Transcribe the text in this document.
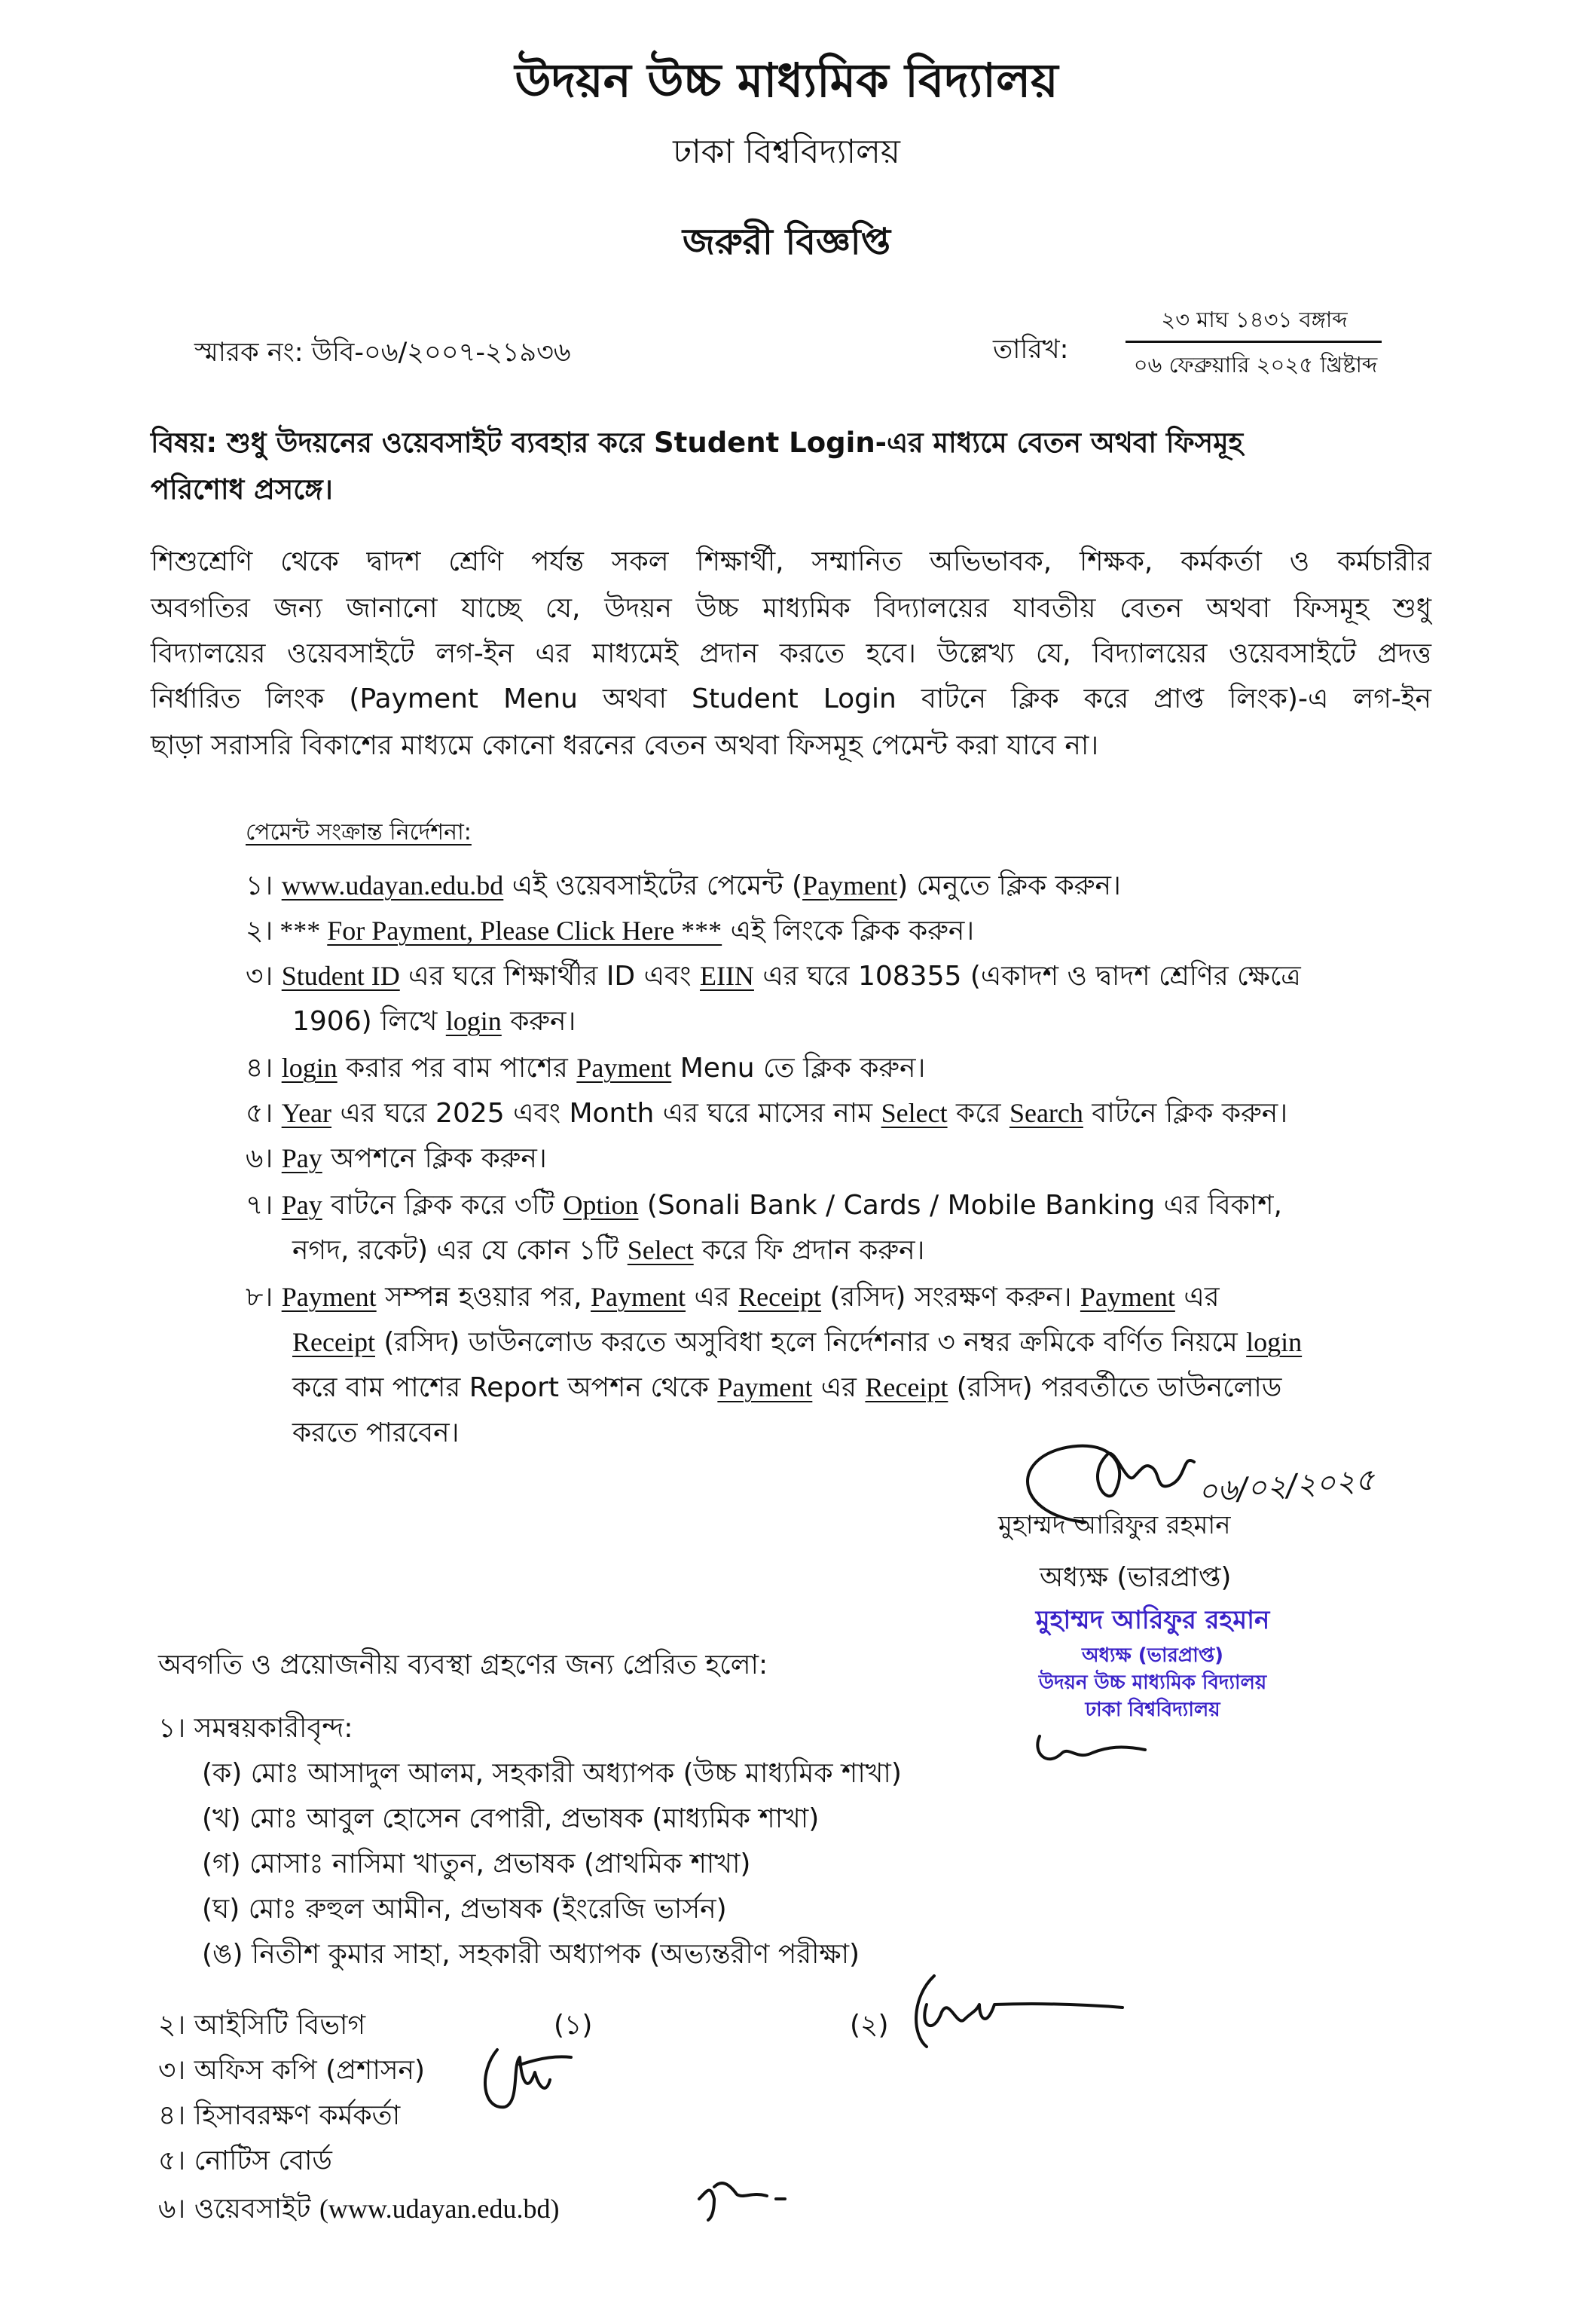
উদয়ন উচ্চ মাধ্যমিক বিদ্যালয়
ঢাকা বিশ্ববিদ্যালয়
জরুরী বিজ্ঞপ্তি
স্মারক নং: উবি-০৬/২০০৭-২১৯৩৬	তারিখ:
২৩ মাঘ ১৪৩১ বঙ্গাব্দ
০৬ ফেব্রুয়ারি ২০২৫ খ্রিষ্টাব্দ
বিষয়: শুধু উদয়নের ওয়েবসাইট ব্যবহার করে Student Login-এর মাধ্যমে বেতন অথবা ফিসমূহ
পরিশোধ প্রসঙ্গে।
শিশুশ্রেণি থেকে দ্বাদশ শ্রেণি পর্যন্ত সকল শিক্ষার্থী, সম্মানিত অভিভাবক, শিক্ষক, কর্মকর্তা ও কর্মচারীর
অবগতির জন্য জানানো যাচ্ছে যে, উদয়ন উচ্চ মাধ্যমিক বিদ্যালয়ের যাবতীয় বেতন অথবা ফিসমূহ শুধু
বিদ্যালয়ের ওয়েবসাইটে লগ-ইন এর মাধ্যমেই প্রদান করতে হবে। উল্লেখ্য যে, বিদ্যালয়ের ওয়েবসাইটে প্রদত্ত
নির্ধারিত লিংক (Payment Menu অথবা Student Login বাটনে ক্লিক করে প্রাপ্ত লিংক)-এ লগ-ইন
ছাড়া সরাসরি বিকাশের মাধ্যমে কোনো ধরনের বেতন অথবা ফিসমূহ পেমেন্ট করা যাবে না।
পেমেন্ট সংক্রান্ত নির্দেশনা:
১। www.udayan.edu.bd এই ওয়েবসাইটের পেমেন্ট (Payment) মেনুতে ক্লিক করুন।
২। *** For Payment, Please Click Here *** এই লিংকে ক্লিক করুন।
৩। Student ID এর ঘরে শিক্ষার্থীর ID এবং EIIN এর ঘরে 108355 (একাদশ ও দ্বাদশ শ্রেণির ক্ষেত্রে
1906) লিখে login করুন।
৪। login করার পর বাম পাশের Payment Menu তে ক্লিক করুন।
৫। Year এর ঘরে 2025 এবং Month এর ঘরে মাসের নাম Select করে Search বাটনে ক্লিক করুন।
৬। Pay অপশনে ক্লিক করুন।
৭। Pay বাটনে ক্লিক করে ৩টি Option (Sonali Bank / Cards / Mobile Banking এর বিকাশ,
নগদ, রকেট) এর যে কোন ১টি Select করে ফি প্রদান করুন।
৮। Payment সম্পন্ন হওয়ার পর, Payment এর Receipt (রসিদ) সংরক্ষণ করুন। Payment এর
Receipt (রসিদ) ডাউনলোড করতে অসুবিধা হলে নির্দেশনার ৩ নম্বর ক্রমিকে বর্ণিত নিয়মে login
করে বাম পাশের Report অপশন থেকে Payment এর Receipt (রসিদ) পরবর্তীতে ডাউনলোড
করতে পারবেন।
০৬/০২/২০২৫
মুহাম্মদ আরিফুর রহমান
অধ্যক্ষ (ভারপ্রাপ্ত)
মুহাম্মদ আরিফুর রহমান
অধ্যক্ষ (ভারপ্রাপ্ত)
উদয়ন উচ্চ মাধ্যমিক বিদ্যালয়
ঢাকা বিশ্ববিদ্যালয়
অবগতি ও প্রয়োজনীয় ব্যবস্থা গ্রহণের জন্য প্রেরিত হলো:
১। সমন্বয়কারীবৃন্দ:
(ক) মোঃ আসাদুল আলম, সহকারী অধ্যাপক (উচ্চ মাধ্যমিক শাখা)
(খ) মোঃ আবুল হোসেন বেপারী, প্রভাষক (মাধ্যমিক শাখা)
(গ) মোসাঃ নাসিমা খাতুন, প্রভাষক (প্রাথমিক শাখা)
(ঘ) মোঃ রুহুল আমীন, প্রভাষক (ইংরেজি ভার্সন)
(ঙ) নিতীশ কুমার সাহা, সহকারী অধ্যাপক (অভ্যন্তরীণ পরীক্ষা)
২। আইসিটি বিভাগ	(১)	(২)
৩। অফিস কপি (প্রশাসন)
৪। হিসাবরক্ষণ কর্মকর্তা
৫। নোটিস বোর্ড
৬। ওয়েবসাইট (www.udayan.edu.bd)
